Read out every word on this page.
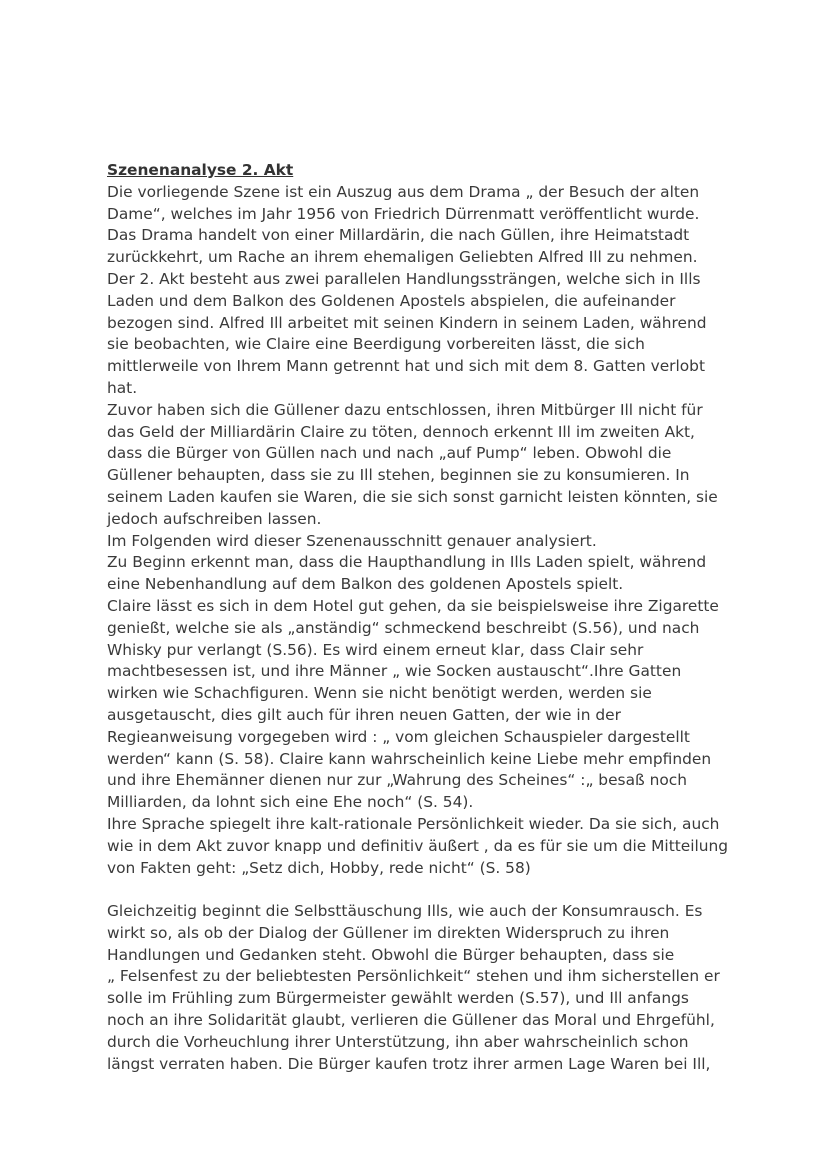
Szenenanalyse 2. Akt
Die vorliegende Szene ist ein Auszug aus dem Drama „ der Besuch der alten
Dame“, welches im Jahr 1956 von Friedrich Dürrenmatt veröffentlicht wurde.
Das Drama handelt von einer Millardärin, die nach Güllen, ihre Heimatstadt
zurückkehrt, um Rache an ihrem ehemaligen Geliebten Alfred Ill zu nehmen.
Der 2. Akt besteht aus zwei parallelen Handlungssträngen, welche sich in Ills
Laden und dem Balkon des Goldenen Apostels abspielen, die aufeinander
bezogen sind. Alfred Ill arbeitet mit seinen Kindern in seinem Laden, während
sie beobachten, wie Claire eine Beerdigung vorbereiten lässt, die sich
mittlerweile von Ihrem Mann getrennt hat und sich mit dem 8. Gatten verlobt
hat.
Zuvor haben sich die Güllener dazu entschlossen, ihren Mitbürger Ill nicht für
das Geld der Milliardärin Claire zu töten, dennoch erkennt Ill im zweiten Akt,
dass die Bürger von Güllen nach und nach „auf Pump“ leben. Obwohl die
Güllener behaupten, dass sie zu Ill stehen, beginnen sie zu konsumieren. In
seinem Laden kaufen sie Waren, die sie sich sonst garnicht leisten könnten, sie
jedoch aufschreiben lassen.
Im Folgenden wird dieser Szenenausschnitt genauer analysiert.
Zu Beginn erkennt man, dass die Haupthandlung in Ills Laden spielt, während
eine Nebenhandlung auf dem Balkon des goldenen Apostels spielt.
Claire lässt es sich in dem Hotel gut gehen, da sie beispielsweise ihre Zigarette
genießt, welche sie als „anständig“ schmeckend beschreibt (S.56), und nach
Whisky pur verlangt (S.56). Es wird einem erneut klar, dass Clair sehr
machtbesessen ist, und ihre Männer „ wie Socken austauscht“.Ihre Gatten
wirken wie Schachfiguren. Wenn sie nicht benötigt werden, werden sie
ausgetauscht, dies gilt auch für ihren neuen Gatten, der wie in der
Regieanweisung vorgegeben wird : „ vom gleichen Schauspieler dargestellt
werden“ kann (S. 58). Claire kann wahrscheinlich keine Liebe mehr empfinden
und ihre Ehemänner dienen nur zur „Wahrung des Scheines“ :„ besaß noch
Milliarden, da lohnt sich eine Ehe noch“ (S. 54).
Ihre Sprache spiegelt ihre kalt-rationale Persönlichkeit wieder. Da sie sich, auch
wie in dem Akt zuvor knapp und definitiv äußert , da es für sie um die Mitteilung
von Fakten geht: „Setz dich, Hobby, rede nicht“ (S. 58)
Gleichzeitig beginnt die Selbsttäuschung Ills, wie auch der Konsumrausch. Es
wirkt so, als ob der Dialog der Güllener im direkten Widerspruch zu ihren
Handlungen und Gedanken steht. Obwohl die Bürger behaupten, dass sie
„ Felsenfest zu der beliebtesten Persönlichkeit“ stehen und ihm sicherstellen er
solle im Frühling zum Bürgermeister gewählt werden (S.57), und Ill anfangs
noch an ihre Solidarität glaubt, verlieren die Güllener das Moral und Ehrgefühl,
durch die Vorheuchlung ihrer Unterstützung, ihn aber wahrscheinlich schon
längst verraten haben. Die Bürger kaufen trotz ihrer armen Lage Waren bei Ill,
